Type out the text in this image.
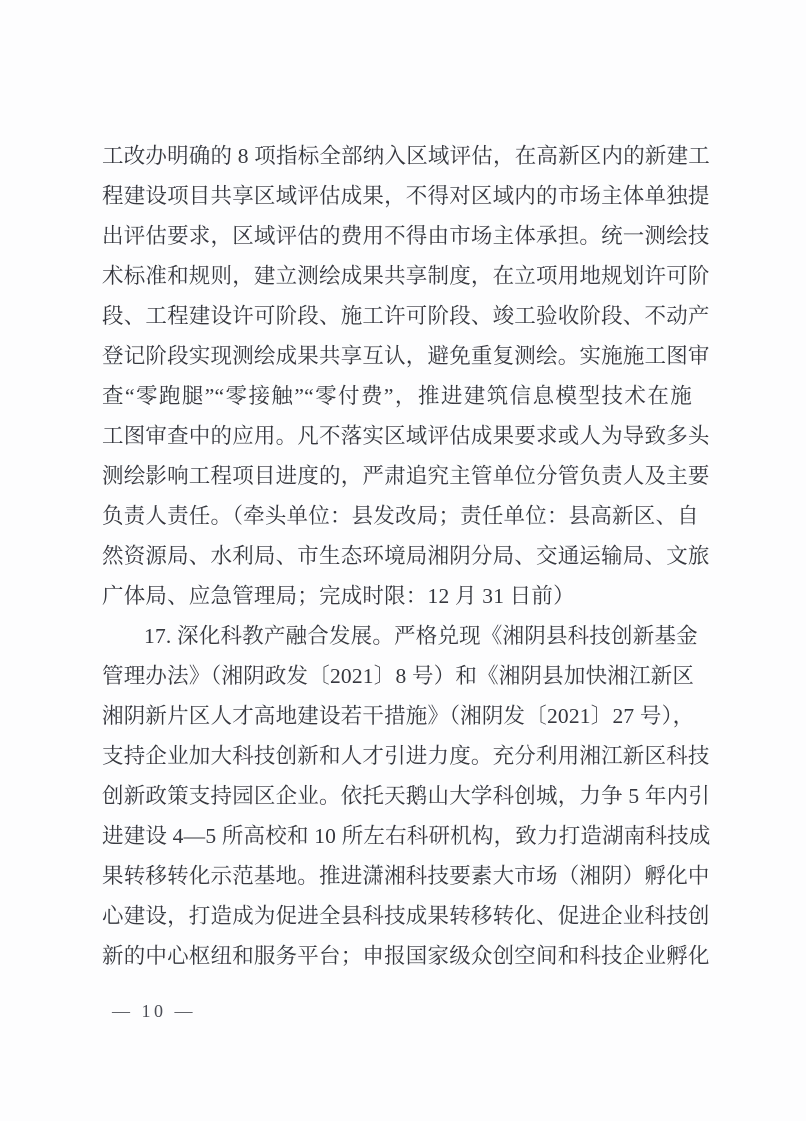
工改办明确的 8 项指标全部纳入区域评估，在高新区内的新建工
程建设项目共享区域评估成果，不得对区域内的市场主体单独提
出评估要求，区域评估的费用不得由市场主体承担。统一测绘技
术标准和规则，建立测绘成果共享制度，在立项用地规划许可阶
段、工程建设许可阶段、施工许可阶段、竣工验收阶段、不动产
登记阶段实现测绘成果共享互认，避免重复测绘。实施施工图审
查“零跑腿”“零接触”“零付费”，推进建筑信息模型技术在施
工图审查中的应用。凡不落实区域评估成果要求或人为导致多头
测绘影响工程项目进度的，严肃追究主管单位分管负责人及主要
负责人责任。（牵头单位：县发改局；责任单位：县高新区、自
然资源局、水利局、市生态环境局湘阴分局、交通运输局、文旅
广体局、应急管理局；完成时限：12 月 31 日前）
17. 深化科教产融合发展。严格兑现《湘阴县科技创新基金
管理办法》（湘阴政发〔2021〕8 号）和《湘阴县加快湘江新区
湘阴新片区人才高地建设若干措施》（湘阴发〔2021〕27 号），
支持企业加大科技创新和人才引进力度。充分利用湘江新区科技
创新政策支持园区企业。依托天鹅山大学科创城，力争 5 年内引
进建设 4—5 所高校和 10 所左右科研机构，致力打造湖南科技成
果转移转化示范基地。推进潇湘科技要素大市场（湘阴）孵化中
心建设，打造成为促进全县科技成果转移转化、促进企业科技创
新的中心枢纽和服务平台；申报国家级众创空间和科技企业孵化
— 10 —
